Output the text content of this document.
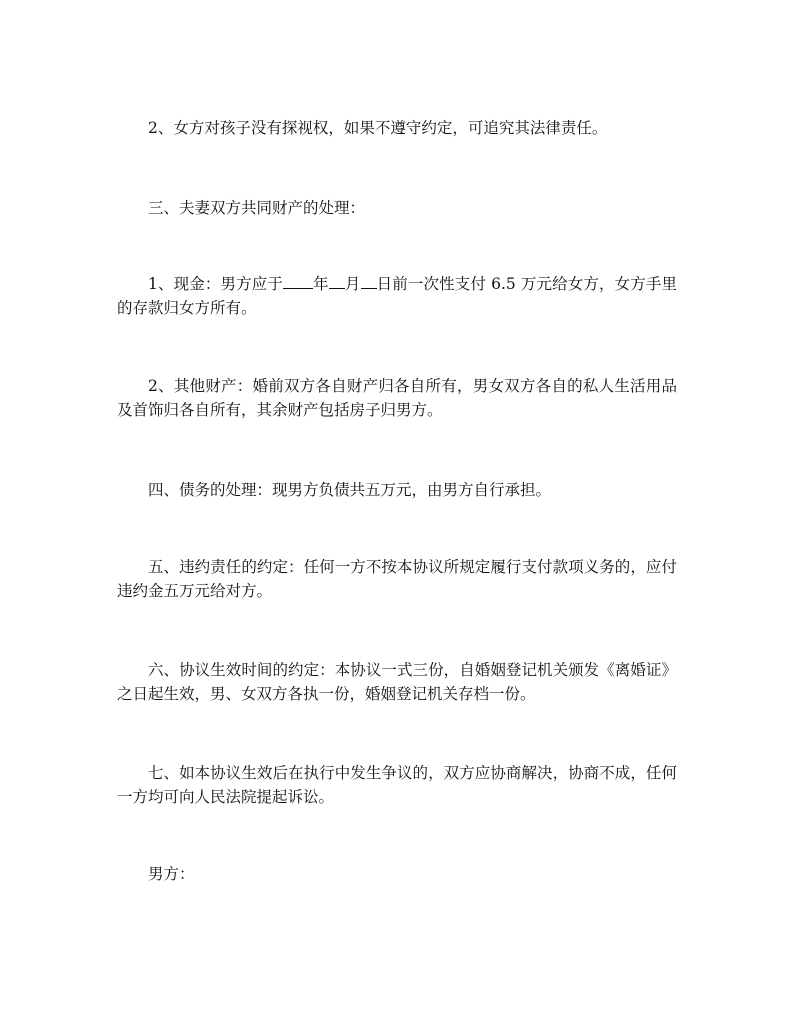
2、女方对孩子没有探视权，如果不遵守约定，可追究其法律责任。

三、夫妻双方共同财产的处理：

1、现金：男方应于 年 月 日前一次性支付 6.5 万元给女方，女方手里的存款归女方所有。

2、其他财产：婚前双方各自财产归各自所有，男女双方各自的私人生活用品及首饰归各自所有，其余财产包括房子归男方。

四、债务的处理：现男方负债共五万元，由男方自行承担。

五、违约责任的约定：任何一方不按本协议所规定履行支付款项义务的，应付违约金五万元给对方。

六、协议生效时间的约定：本协议一式三份，自婚姻登记机关颁发《离婚证》之日起生效，男、女双方各执一份，婚姻登记机关存档一份。

七、如本协议生效后在执行中发生争议的，双方应协商解决，协商不成，任何一方均可向人民法院提起诉讼。

男方：
